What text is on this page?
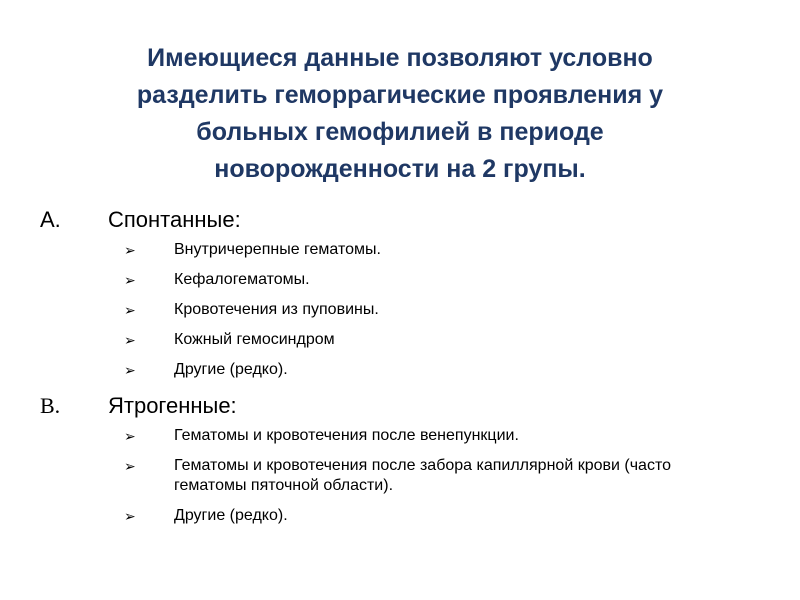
Имеющиеся данные позволяют условно
разделить геморрагические проявления у
больных гемофилией в периоде
новорожденности на 2 групы.
A.	Спонтанные:
➢	Внутричерепные гематомы.
➢	Кефалогематомы.
➢	Кровотечения из пуповины.
➢	Кожный гемосиндром
➢	Другие (редко).
B.	Ятрогенные:
➢	Гематомы и кровотечения после венепункции.
➢	Гематомы и кровотечения после забора капиллярной крови (часто гематомы пяточной области).
➢	Другие (редко).
